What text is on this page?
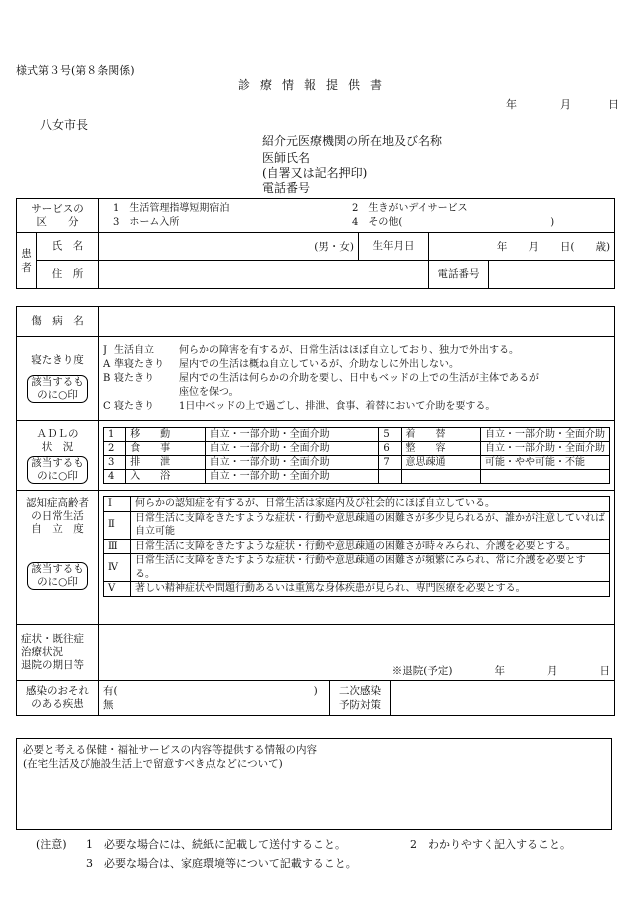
様式第３号(第８条関係)
診療情報提供書
年	月	日
八女市長
紹介元医療機関の所在地及び名称
医師氏名
(自署又は記名押印)
電話番号
サービスの
区　　分

1　生活管理指導短期宿泊	2　生きがいデイサービス
3　ホーム入所	4　その他(	)

患者	氏　名	(男・女)	生年月日	年　　月　　日(　　歳)
住　所		電話番号	
傷　病　名	

寝たきり度
該当するも
のに○印	
J	生活自立	何らかの障害を有するが、日常生活はほぼ自立しており、独力で外出する。
A	準寝たきり	屋内での生活は概ね自立しているが、介助なしに外出しない。
B	寝たきり	屋内での生活は何らかの介助を要し、日中もベッドの上での生活が主体であるが
		座位を保つ。
C	寝たきり	1日中ベッドの上で過ごし、排泄、食事、着替において介助を要する。

ＡＤＬの
状　況
該当するも
のに○印	
1	移　　動	自立・一部介助・全面介助	5	着　　替	自立・一部介助・全面介助
2	食　　事	自立・一部介助・全面介助	6	整　　容	自立・一部介助・全面介助
3	排　　泄	自立・一部介助・全面介助	7	意思疎通	可能・やや可能・不能
4	入　　浴	自立・一部介助・全面介助			

認知症高齢者
の日常生活
自　立　度
該当するも
のに○印	
Ⅰ	何らかの認知症を有するが、日常生活は家庭内及び社会的にほぼ自立している。
Ⅱ	日常生活に支障をきたすような症状・行動や意思疎通の困難さが多少見られるが、誰かが注意していれば自立可能
Ⅲ	日常生活に支障をきたすような症状・行動や意思疎通の困難さが時々みられ、介護を必要とする。
Ⅳ	日常生活に支障をきたすような症状・行動や意思疎通の困難さが頻繁にみられ、常に介護を必要とする。
Ⅴ	著しい精神症状や問題行動あるいは重篤な身体疾患が見られ、専門医療を必要とする。

症状・既往症
治療状況
退院の期日等	※退院(予定)　　　　年　　　　月　　　　日

感染のおそれ
のある疾患

有(	)
無

二次感染
予防対策

必要と考える保健・福祉サービスの内容等提供する情報の内容
(在宅生活及び施設生活上で留意すべき点などについて)
(注意) 1　必要な場合には、続紙に記載して送付すること。	2　わかりやすく記入すること。
3　必要な場合は、家庭環境等について記載すること。
